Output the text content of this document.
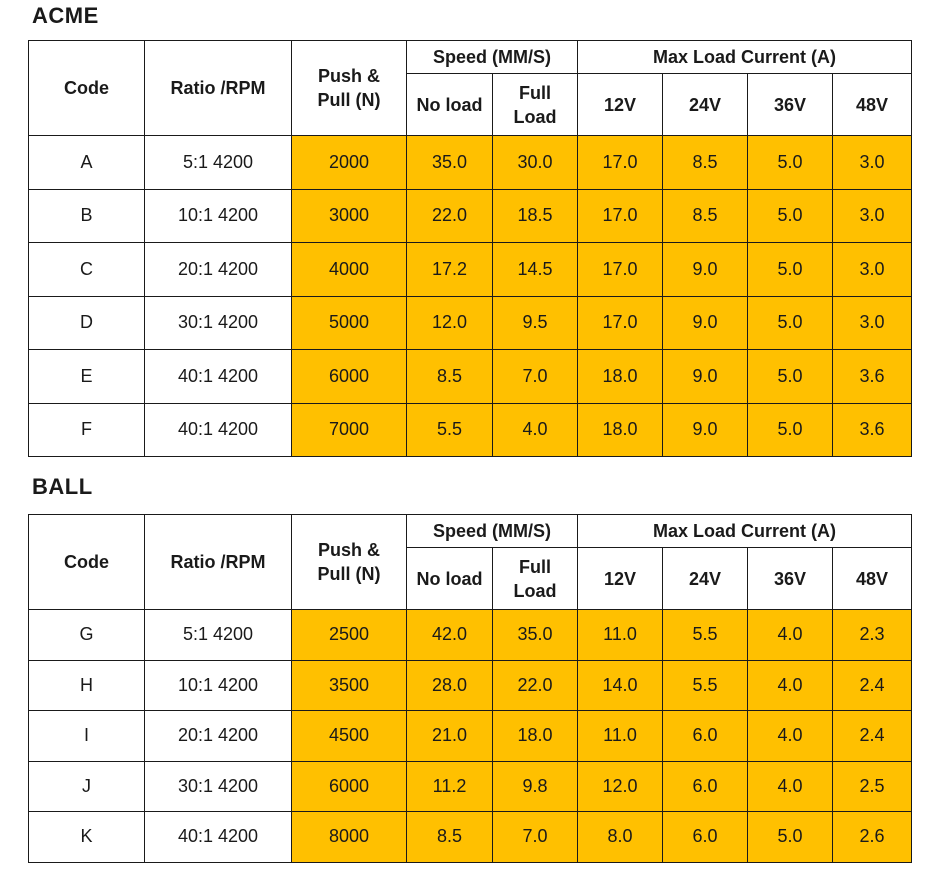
ACME
Code	Ratio /RPM	Push & Pull (N)	Speed (MM/S)		Max Load Current (A)			
			No load	Full Load	12V	24V	36V	48V
A	5:1 4200	2000	35.0	30.0	17.0	8.5	5.0	3.0
B	10:1 4200	3000	22.0	18.5	17.0	8.5	5.0	3.0
C	20:1 4200	4000	17.2	14.5	17.0	9.0	5.0	3.0
D	30:1 4200	5000	12.0	9.5	17.0	9.0	5.0	3.0
E	40:1 4200	6000	8.5	7.0	18.0	9.0	5.0	3.6
F	40:1 4200	7000	5.5	4.0	18.0	9.0	5.0	3.6
BALL
Code	Ratio /RPM	Push & Pull (N)	Speed (MM/S)		Max Load Current (A)			
			No load	Full Load	12V	24V	36V	48V
G	5:1 4200	2500	42.0	35.0	11.0	5.5	4.0	2.3
H	10:1 4200	3500	28.0	22.0	14.0	5.5	4.0	2.4
I	20:1 4200	4500	21.0	18.0	11.0	6.0	4.0	2.4
J	30:1 4200	6000	11.2	9.8	12.0	6.0	4.0	2.5
K	40:1 4200	8000	8.5	7.0	8.0	6.0	5.0	2.6
